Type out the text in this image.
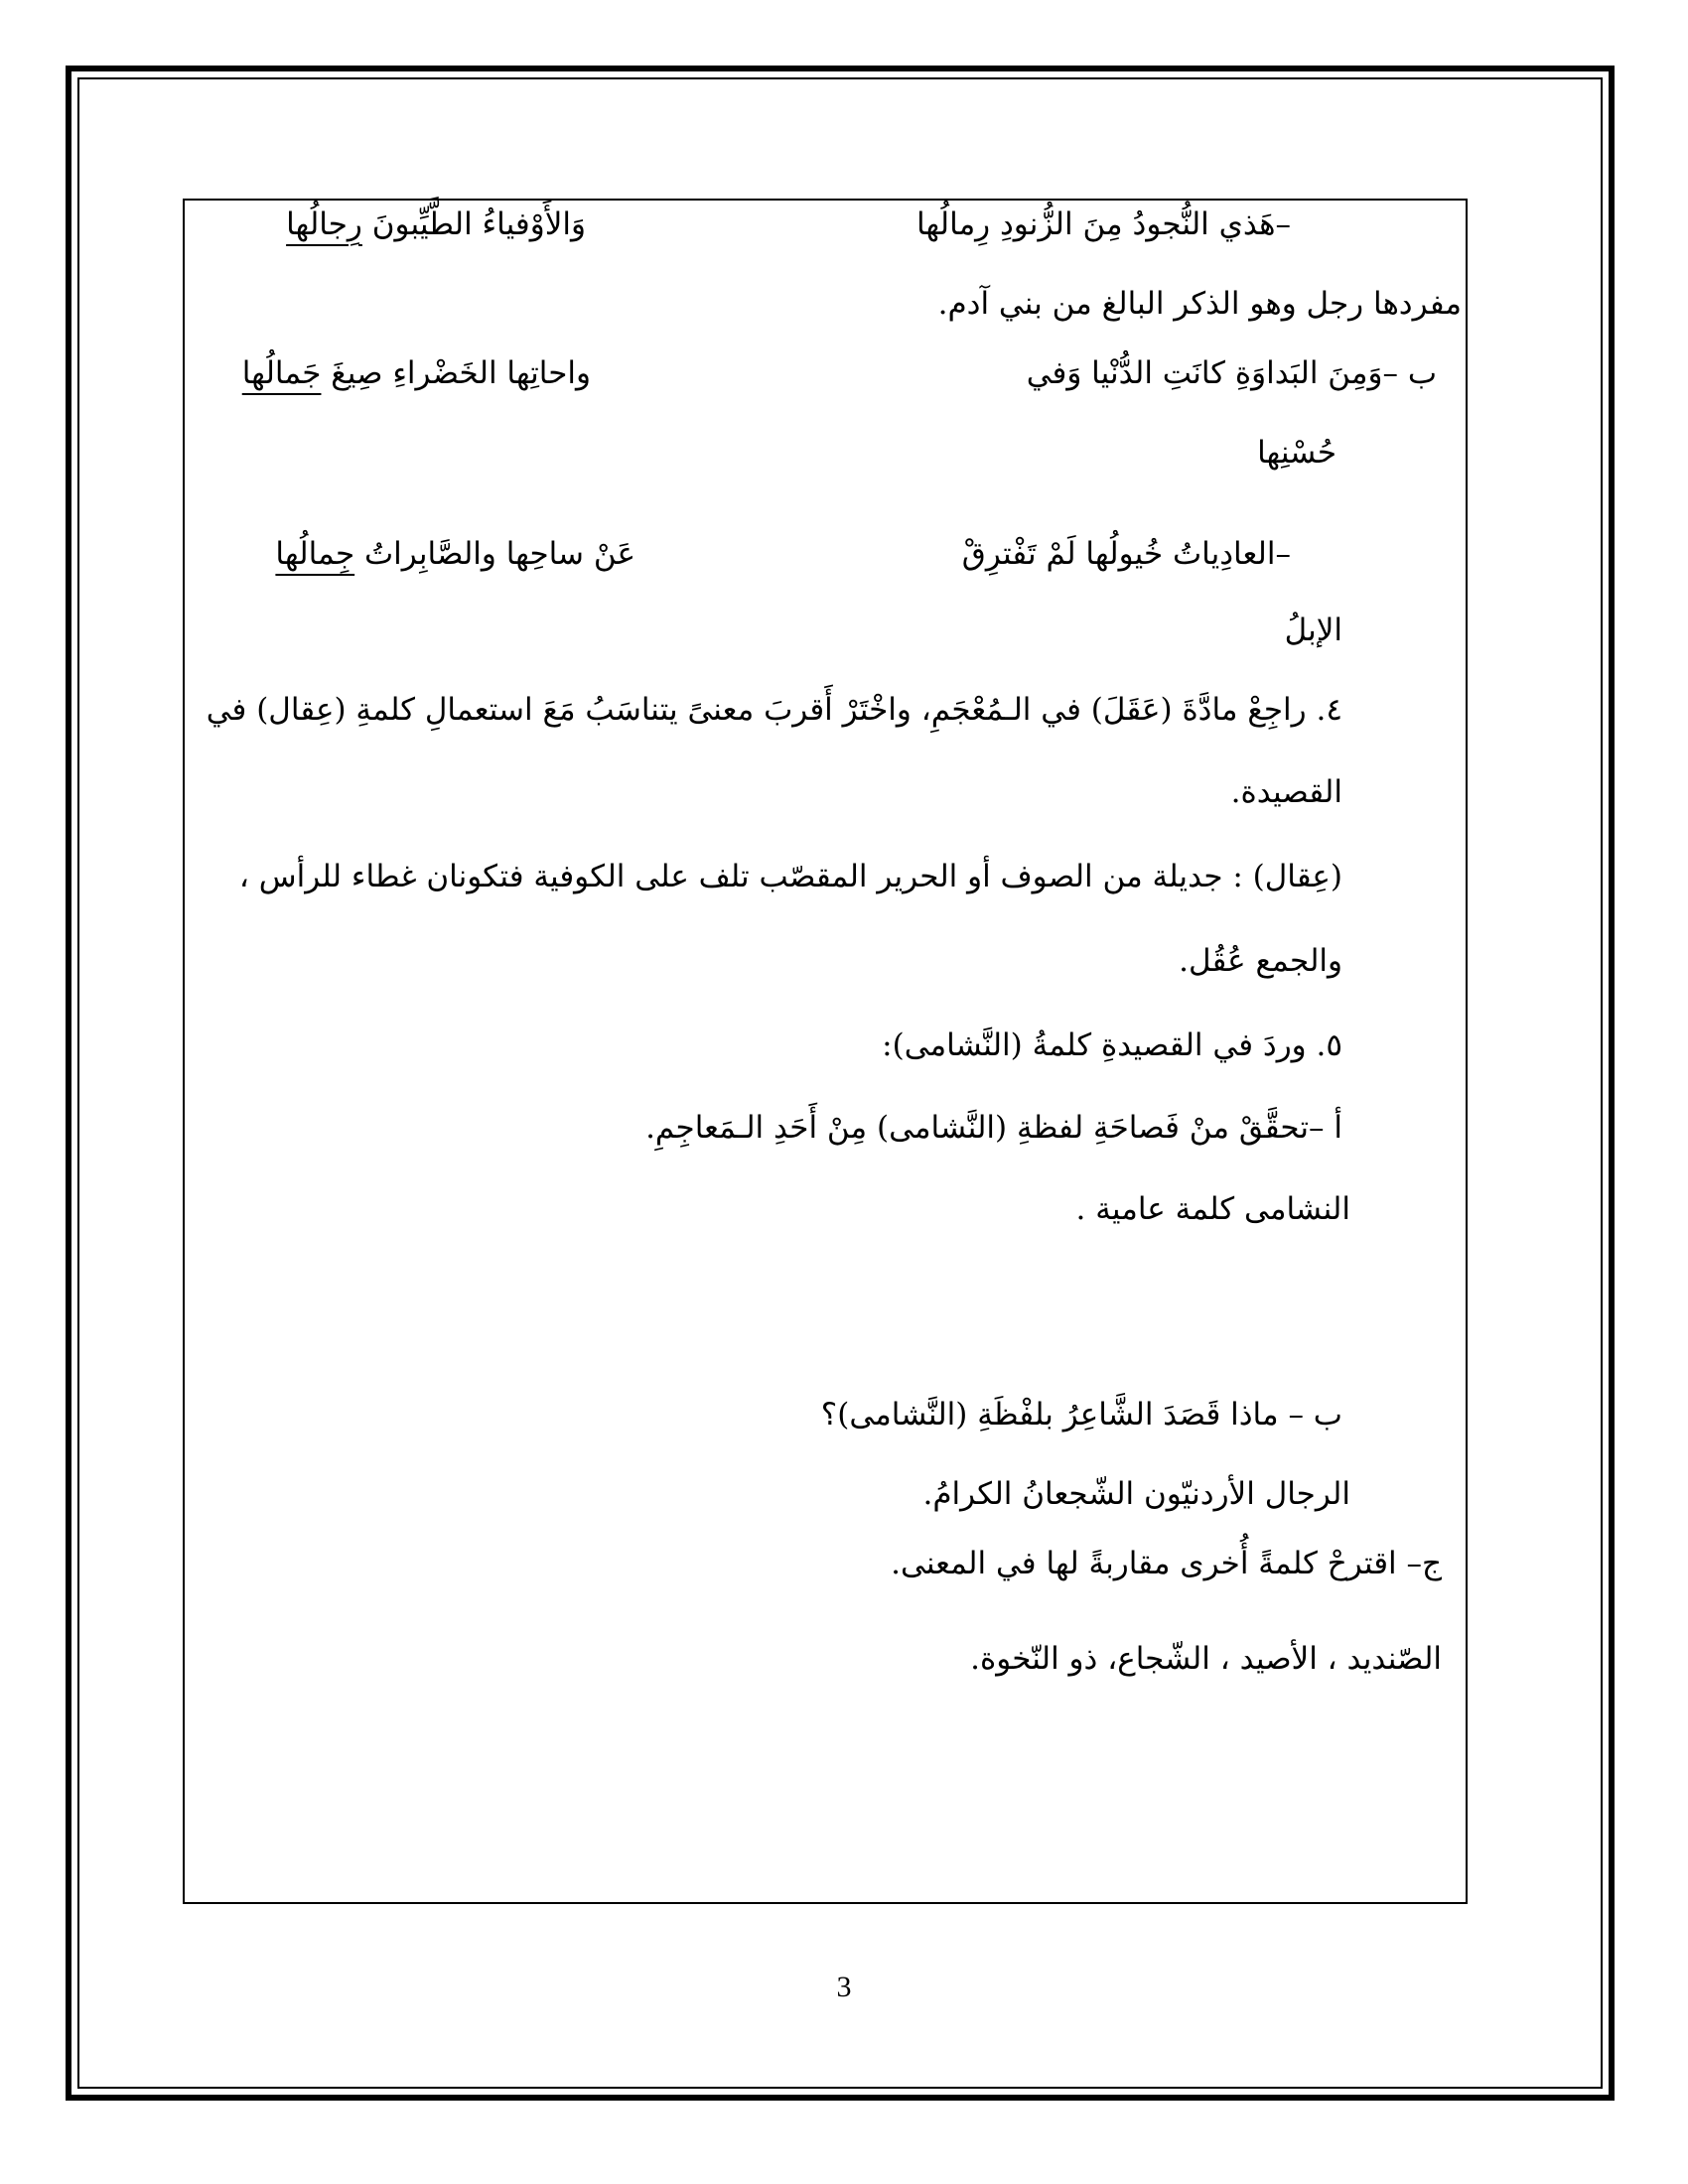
–هَذي النُّجودُ مِنَ الزُّنودِ رِمالُها
وَالأَوْفياءُ الطَّيِّبونَ رِجالُها
مفردها رجل وهو الذكر البالغ من بني آدم.
ب –وَمِنَ البَداوَةِ كانَتِ الدُّنْيا وَفي
واحاتِها الخَضْراءِ صِيغَ جَمالُها
حُسْنِها
–العادِياتُ خُيولُها لَمْ تَفْترِقْ
عَنْ ساحِها والصَّابِراتُ جِمالُها
الإبلُ
٤. راجِعْ مادَّةَ (عَقَلَ) في الـمُعْجَمِ، واخْتَرْ أَقربَ معنىً يتناسَبُ مَعَ استعمالِ كلمةِ (عِقال) في
القصيدة.
(عِقال) : جديلة من الصوف أو الحرير المقصّب تلف على الكوفية فتكونان غطاء للرأس ،
والجمع عُقُل.
٥. وردَ في القصيدةِ كلمةُ (النَّشامى):
أ –تحقَّقْ منْ فَصاحَةِ لفظةِ (النَّشامى) مِنْ أَحَدِ الـمَعاجِمِ.
النشامى كلمة عامية .
ب – ماذا قَصَدَ الشَّاعِرُ بلفْظَةِ (النَّشامى)؟
الرجال الأردنيّون الشّجعانُ الكرامُ.
ج– اقترحْ كلمةً أُخرى مقاربةً لها في المعنى.
الصّنديد ، الأصيد ، الشّجاع، ذو النّخوة.
3
